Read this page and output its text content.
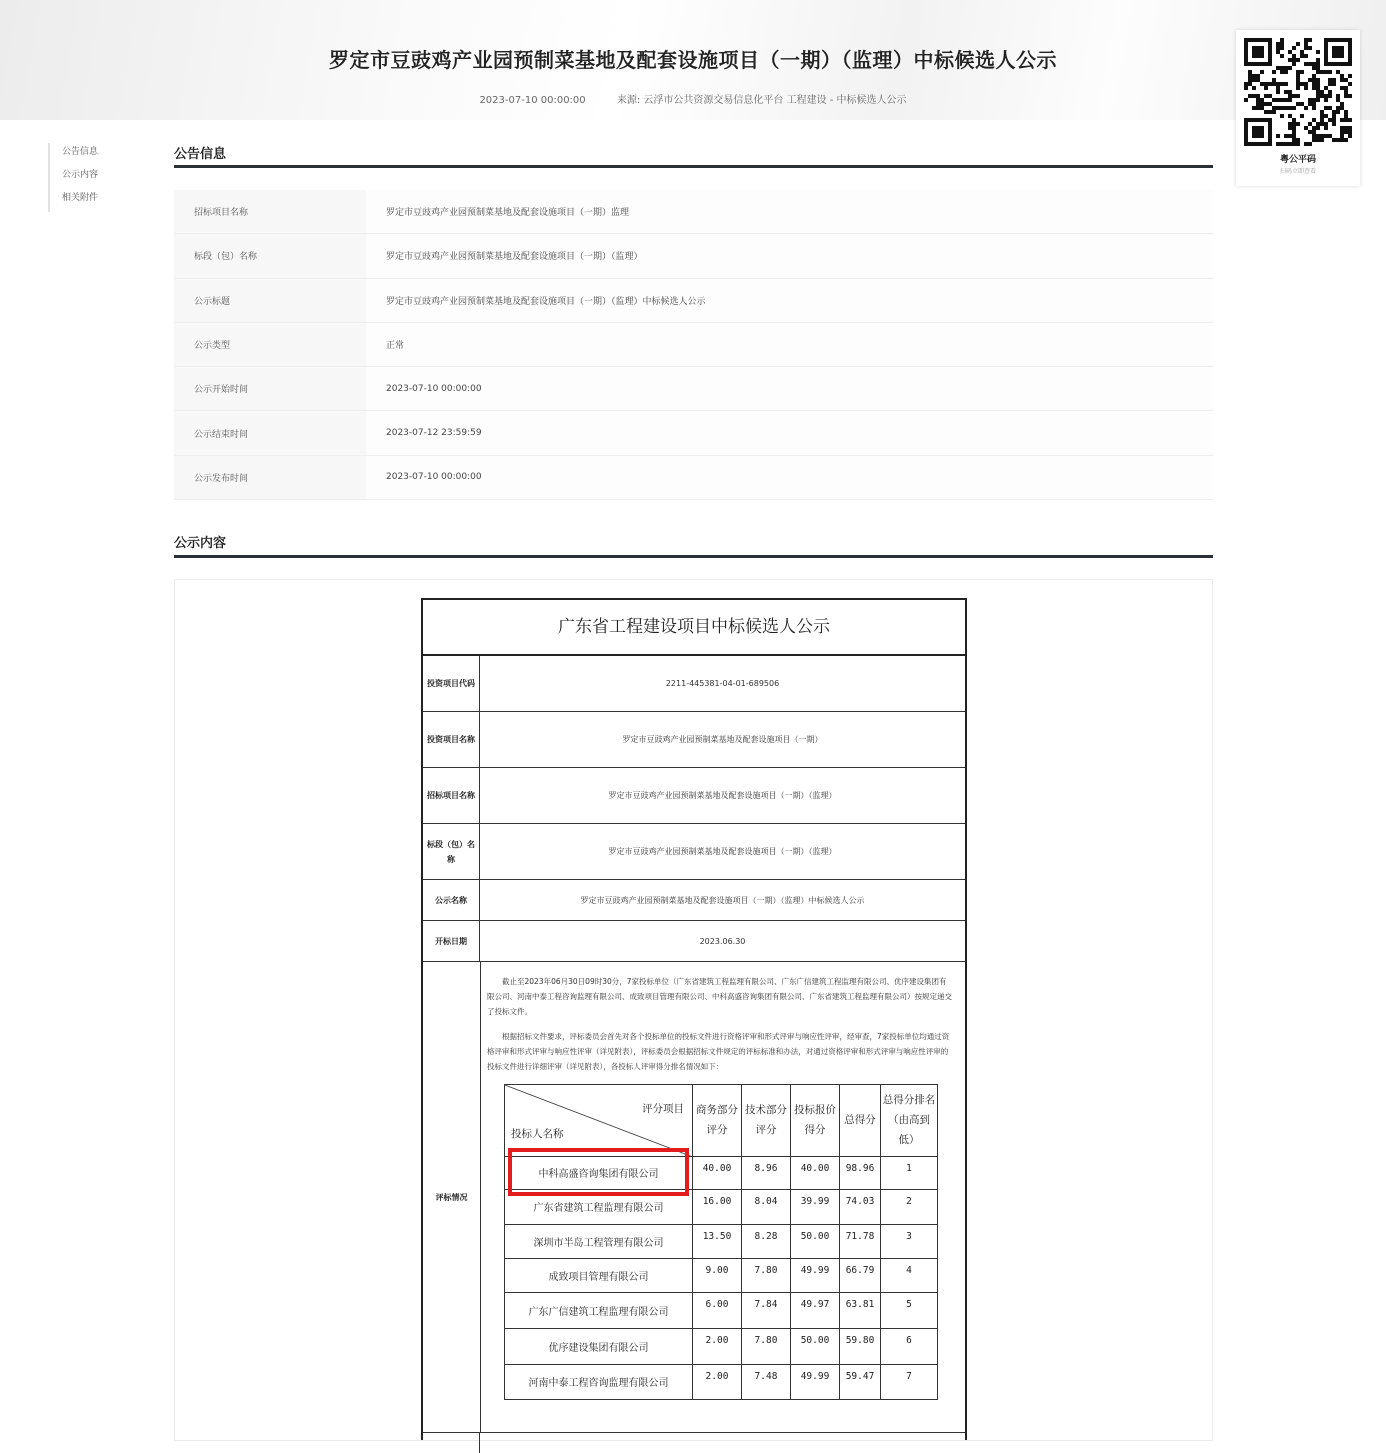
罗定市豆豉鸡产业园预制菜基地及配套设施项目（一期）（监理）中标候选人公示
2023-07-10 00:00:00	来源: 云浮市公共资源交易信息化平台 工程建设 - 中标候选人公示
粤公平码
扫码立即查看
公告信息
公示内容
相关附件
公告信息
招标项目名称	罗定市豆豉鸡产业园预制菜基地及配套设施项目（一期）监理
标段（包）名称	罗定市豆豉鸡产业园预制菜基地及配套设施项目（一期）（监理）
公示标题	罗定市豆豉鸡产业园预制菜基地及配套设施项目（一期）（监理）中标候选人公示
公示类型	正常
公示开始时间	2023-07-10 00:00:00
公示结束时间	2023-07-12 23:59:59
公示发布时间	2023-07-10 00:00:00
公示内容
广东省工程建设项目中标候选人公示
投资项目代码	2211-445381-04-01-689506
投资项目名称	罗定市豆豉鸡产业园预制菜基地及配套设施项目（一期）
招标项目名称	罗定市豆豉鸡产业园预制菜基地及配套设施项目（一期）（监理）
标段（包）名称
罗定市豆豉鸡产业园预制菜基地及配套设施项目（一期）（监理）
公示名称	罗定市豆豉鸡产业园预制菜基地及配套设施项目（一期）（监理）中标候选人公示
开标日期	2023.06.30
评标情况

截止至2023年06月30日09时30分，7家投标单位（广东省建筑工程监理有限公司、广东广信建筑工程监理有限公司、优序建设集团有限公司、河南中泰工程咨询监理有限公司、成致项目管理有限公司、中科高盛咨询集团有限公司、广东省建筑工程监理有限公司）按规定递交了投标文件。

根据招标文件要求，评标委员会首先对各个投标单位的投标文件进行资格评审和形式评审与响应性评审，经审查，7家投标单位均通过资格评审和形式评审与响应性评审（详见附表），评标委员会根据招标文件规定的评标标准和办法，对通过资格评审和形式评审与响应性评审的投标文件进行详细评审（详见附表），各投标人评审得分排名情况如下：

评分项目
投标人名称	商务部分评分	技术部分评分	投标报价得分	总得分	总得分排名（由高到低）
中科高盛咨询集团有限公司	40.00	8.96	40.00	98.96	1
广东省建筑工程监理有限公司	16.00	8.04	39.99	74.03	2
深圳市半岛工程管理有限公司	13.50	8.28	50.00	71.78	3
成致项目管理有限公司	9.00	7.80	49.99	66.79	4
广东广信建筑工程监理有限公司	6.00	7.84	49.97	63.81	5
优序建设集团有限公司	2.00	7.80	50.00	59.80	6
河南中泰工程咨询监理有限公司	2.00	7.48	49.99	59.47	7
